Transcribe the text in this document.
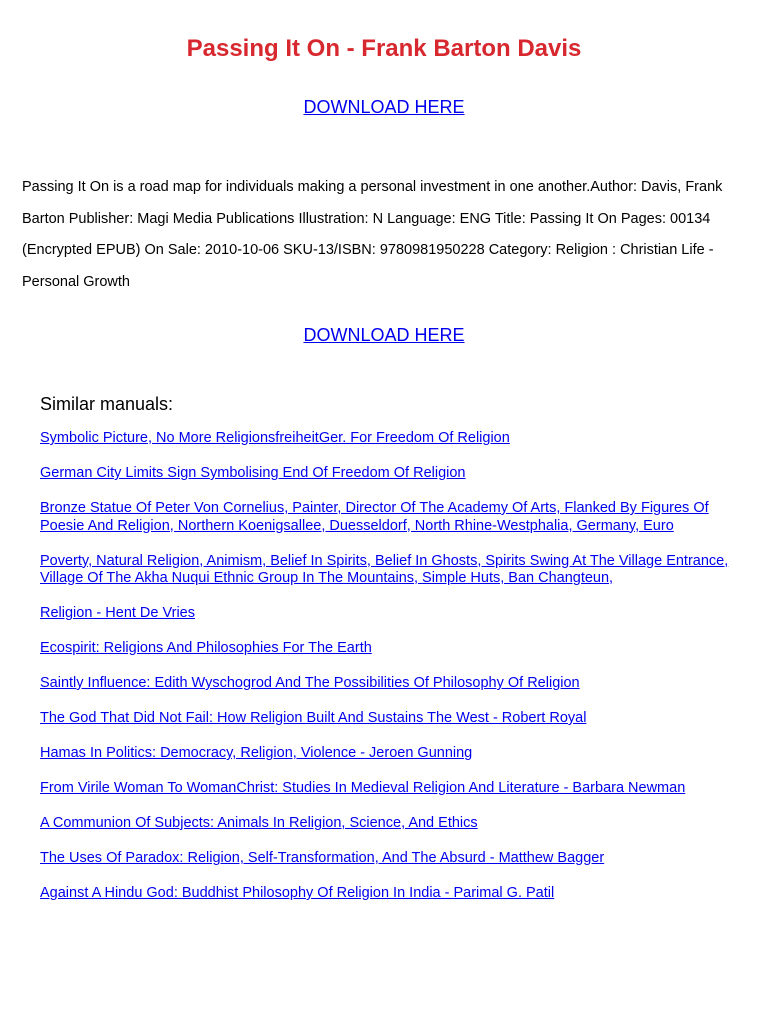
Passing It On - Frank Barton Davis
DOWNLOAD HERE

Passing It On is a road map for individuals making a personal investment in one another.Author: Davis, Frank Barton Publisher: Magi Media Publications Illustration: N Language: ENG Title: Passing It On Pages: 00134 (Encrypted EPUB) On Sale: 2010-10-06 SKU-13/ISBN: 9780981950228 Category: Religion : Christian Life - Personal Growth

DOWNLOAD HERE
Similar manuals:
Symbolic Picture, No More ReligionsfreiheitGer. For Freedom Of Religion
German City Limits Sign Symbolising End Of Freedom Of Religion
Bronze Statue Of Peter Von Cornelius, Painter, Director Of The Academy Of Arts, Flanked By Figures Of Poesie And Religion, Northern Koenigsallee, Duesseldorf, North Rhine-Westphalia, Germany, Euro
Poverty, Natural Religion, Animism, Belief In Spirits, Belief In Ghosts, Spirits Swing At The Village Entrance, Village Of The Akha Nuqui Ethnic Group In The Mountains, Simple Huts, Ban Changteun,
Religion - Hent De Vries
Ecospirit: Religions And Philosophies For The Earth
Saintly Influence: Edith Wyschogrod And The Possibilities Of Philosophy Of Religion
The God That Did Not Fail: How Religion Built And Sustains The West - Robert Royal
Hamas In Politics: Democracy, Religion, Violence - Jeroen Gunning
From Virile Woman To WomanChrist: Studies In Medieval Religion And Literature - Barbara Newman
A Communion Of Subjects: Animals In Religion, Science, And Ethics
The Uses Of Paradox: Religion, Self-Transformation, And The Absurd - Matthew Bagger
Against A Hindu God: Buddhist Philosophy Of Religion In India - Parimal G. Patil
